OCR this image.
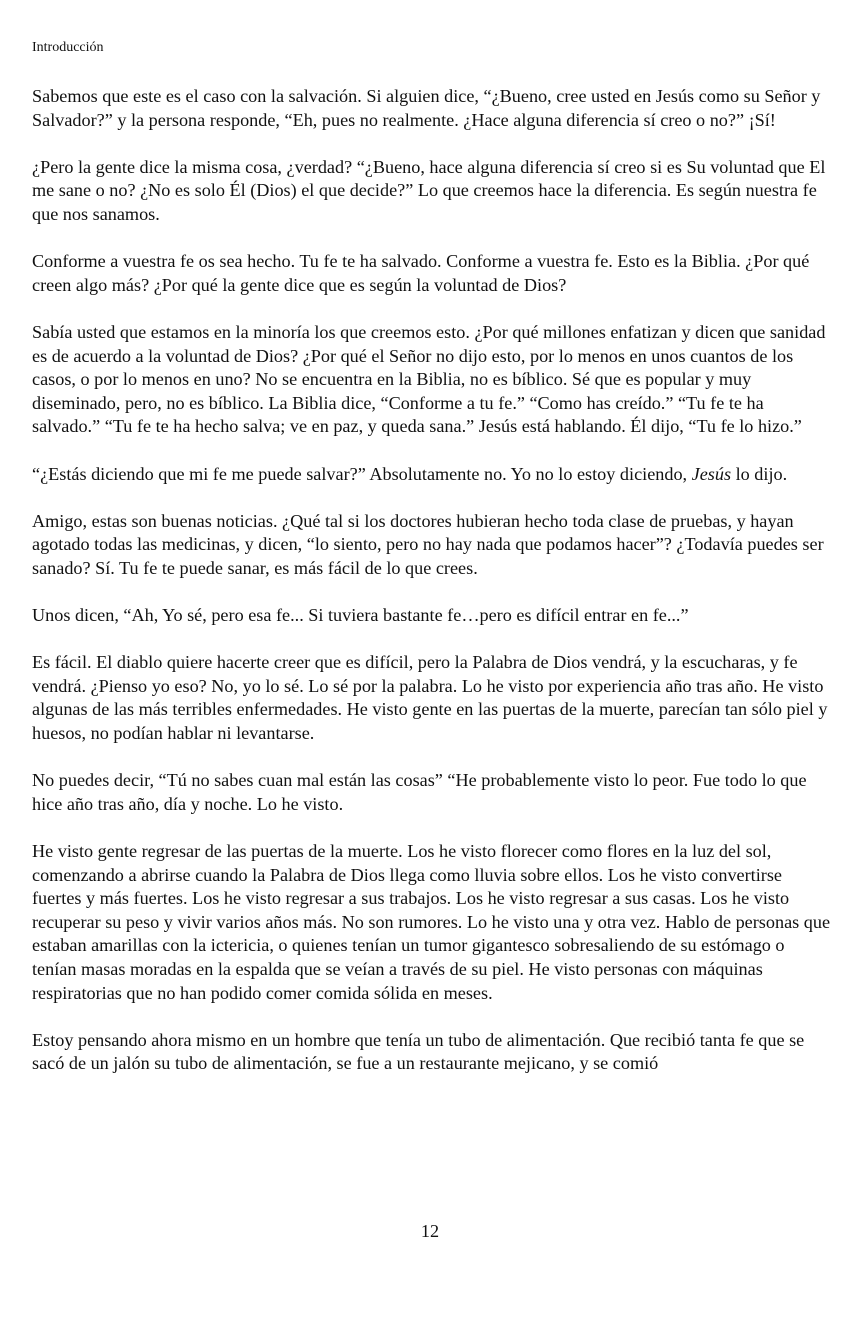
Introducción

Sabemos que este es el caso con la salvación. Si alguien dice, “¿Bueno, cree usted en Jesús como su Señor y Salvador?” y la persona responde, “Eh, pues no realmente. ¿Hace alguna diferencia sí creo o no?” ¡Sí!

¿Pero la gente dice la misma cosa, ¿verdad? “¿Bueno, hace alguna diferencia sí creo si es Su voluntad que El me sane o no? ¿No es solo Él (Dios) el que decide?” Lo que creemos hace la diferencia. Es según nuestra fe que nos sanamos.

Conforme a vuestra fe os sea hecho. Tu fe te ha salvado. Conforme a vuestra fe. Esto es la Biblia. ¿Por qué creen algo más? ¿Por qué la gente dice que es según la voluntad de Dios?

Sabía usted que estamos en la minoría los que creemos esto. ¿Por qué millones enfatizan y dicen que sanidad es de acuerdo a la voluntad de Dios? ¿Por qué el Señor no dijo esto, por lo menos en unos cuantos de los casos, o por lo menos en uno? No se encuentra en la Biblia, no es bíblico. Sé que es popular y muy diseminado, pero, no es bíblico. La Biblia dice, “Conforme a tu fe.” “Como has creído.” “Tu fe te ha salvado.” “Tu fe te ha hecho salva; ve en paz, y queda sana.” Jesús está hablando. Él dijo, “Tu fe lo hizo.”

“¿Estás diciendo que mi fe me puede salvar?” Absolutamente no. Yo no lo estoy diciendo, Jesús lo dijo.

Amigo, estas son buenas noticias. ¿Qué tal si los doctores hubieran hecho toda clase de pruebas, y hayan agotado todas las medicinas, y dicen, “lo siento, pero no hay nada que podamos hacer”? ¿Todavía puedes ser sanado? Sí. Tu fe te puede sanar, es más fácil de lo que crees.

Unos dicen, “Ah, Yo sé, pero esa fe... Si tuviera bastante fe…pero es difícil entrar en fe...”

Es fácil. El diablo quiere hacerte creer que es difícil, pero la Palabra de Dios vendrá, y la escucharas, y fe vendrá. ¿Pienso yo eso? No, yo lo sé. Lo sé por la palabra. Lo he visto por experiencia año tras año. He visto algunas de las más terribles enfermedades. He visto gente en las puertas de la muerte, parecían tan sólo piel y huesos, no podían hablar ni levantarse.

No puedes decir, “Tú no sabes cuan mal están las cosas” “He probablemente visto lo peor. Fue todo lo que hice año tras año, día y noche. Lo he visto.

He visto gente regresar de las puertas de la muerte. Los he visto florecer como flores en la luz del sol, comenzando a abrirse cuando la Palabra de Dios llega como lluvia sobre ellos. Los he visto convertirse fuertes y más fuertes. Los he visto regresar a sus trabajos. Los he visto regresar a sus casas. Los he visto recuperar su peso y vivir varios años más. No son rumores. Lo he visto una y otra vez. Hablo de personas que estaban amarillas con la ictericia, o quienes tenían un tumor gigantesco sobresaliendo de su estómago o tenían masas moradas en la espalda que se veían a través de su piel. He visto personas con máquinas respiratorias que no han podido comer comida sólida en meses.

Estoy pensando ahora mismo en un hombre que tenía un tubo de alimentación. Que recibió tanta fe que se sacó de un jalón su tubo de alimentación, se fue a un restaurante mejicano, y se comió

12
